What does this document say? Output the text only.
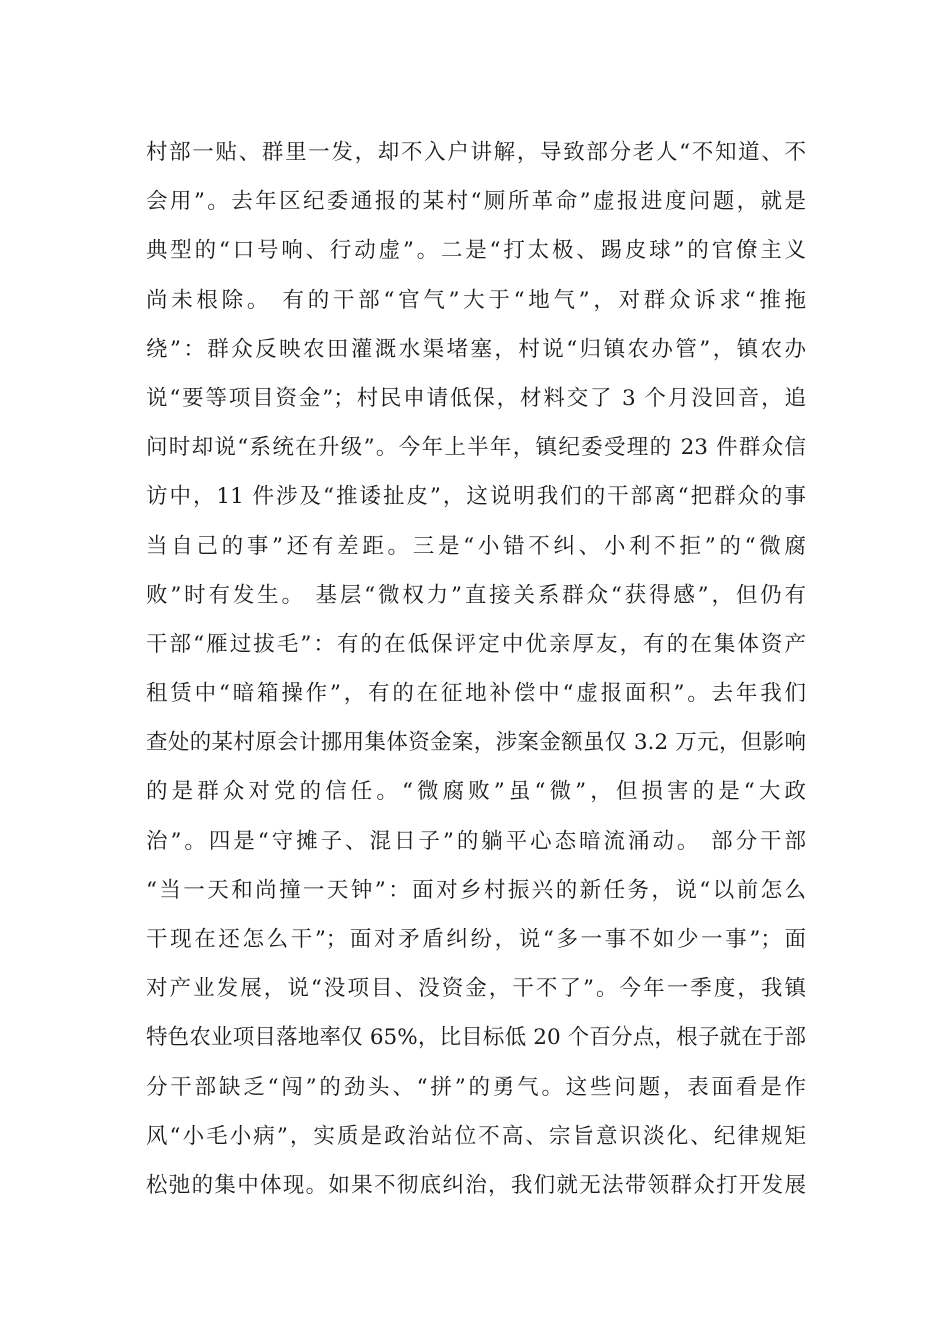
村部一贴、群里一发，却不入户讲解，导致部分老人“不知道、不
会用”。去年区纪委通报的某村“厕所革命”虚报进度问题，就是
典型的“口号响、行动虚”。二是“打太极、踢皮球”的官僚主义
尚未根除。 有的干部“官气”大于“地气”，对群众诉求“推拖
绕”：群众反映农田灌溉水渠堵塞，村说“归镇农办管”，镇农办
说“要等项目资金”；村民申请低保，材料交了 3 个月没回音，追
问时却说“系统在升级”。今年上半年，镇纪委受理的 23 件群众信
访中，11 件涉及“推诿扯皮”，这说明我们的干部离“把群众的事
当自己的事”还有差距。三是“小错不纠、小利不拒”的“微腐
败”时有发生。 基层“微权力”直接关系群众“获得感”，但仍有
干部“雁过拔毛”：有的在低保评定中优亲厚友，有的在集体资产
租赁中“暗箱操作”，有的在征地补偿中“虚报面积”。去年我们
查处的某村原会计挪用集体资金案，涉案金额虽仅 3.2 万元，但影响
的是群众对党的信任。“微腐败”虽“微”，但损害的是“大政
治”。四是“守摊子、混日子”的躺平心态暗流涌动。 部分干部
“当一天和尚撞一天钟”：面对乡村振兴的新任务，说“以前怎么
干现在还怎么干”；面对矛盾纠纷，说“多一事不如少一事”；面
对产业发展，说“没项目、没资金，干不了”。今年一季度，我镇
特色农业项目落地率仅 65%，比目标低 20 个百分点，根子就在于部
分干部缺乏“闯”的劲头、“拼”的勇气。这些问题，表面看是作
风“小毛小病”，实质是政治站位不高、宗旨意识淡化、纪律规矩
松弛的集中体现。如果不彻底纠治，我们就无法带领群众打开发展
